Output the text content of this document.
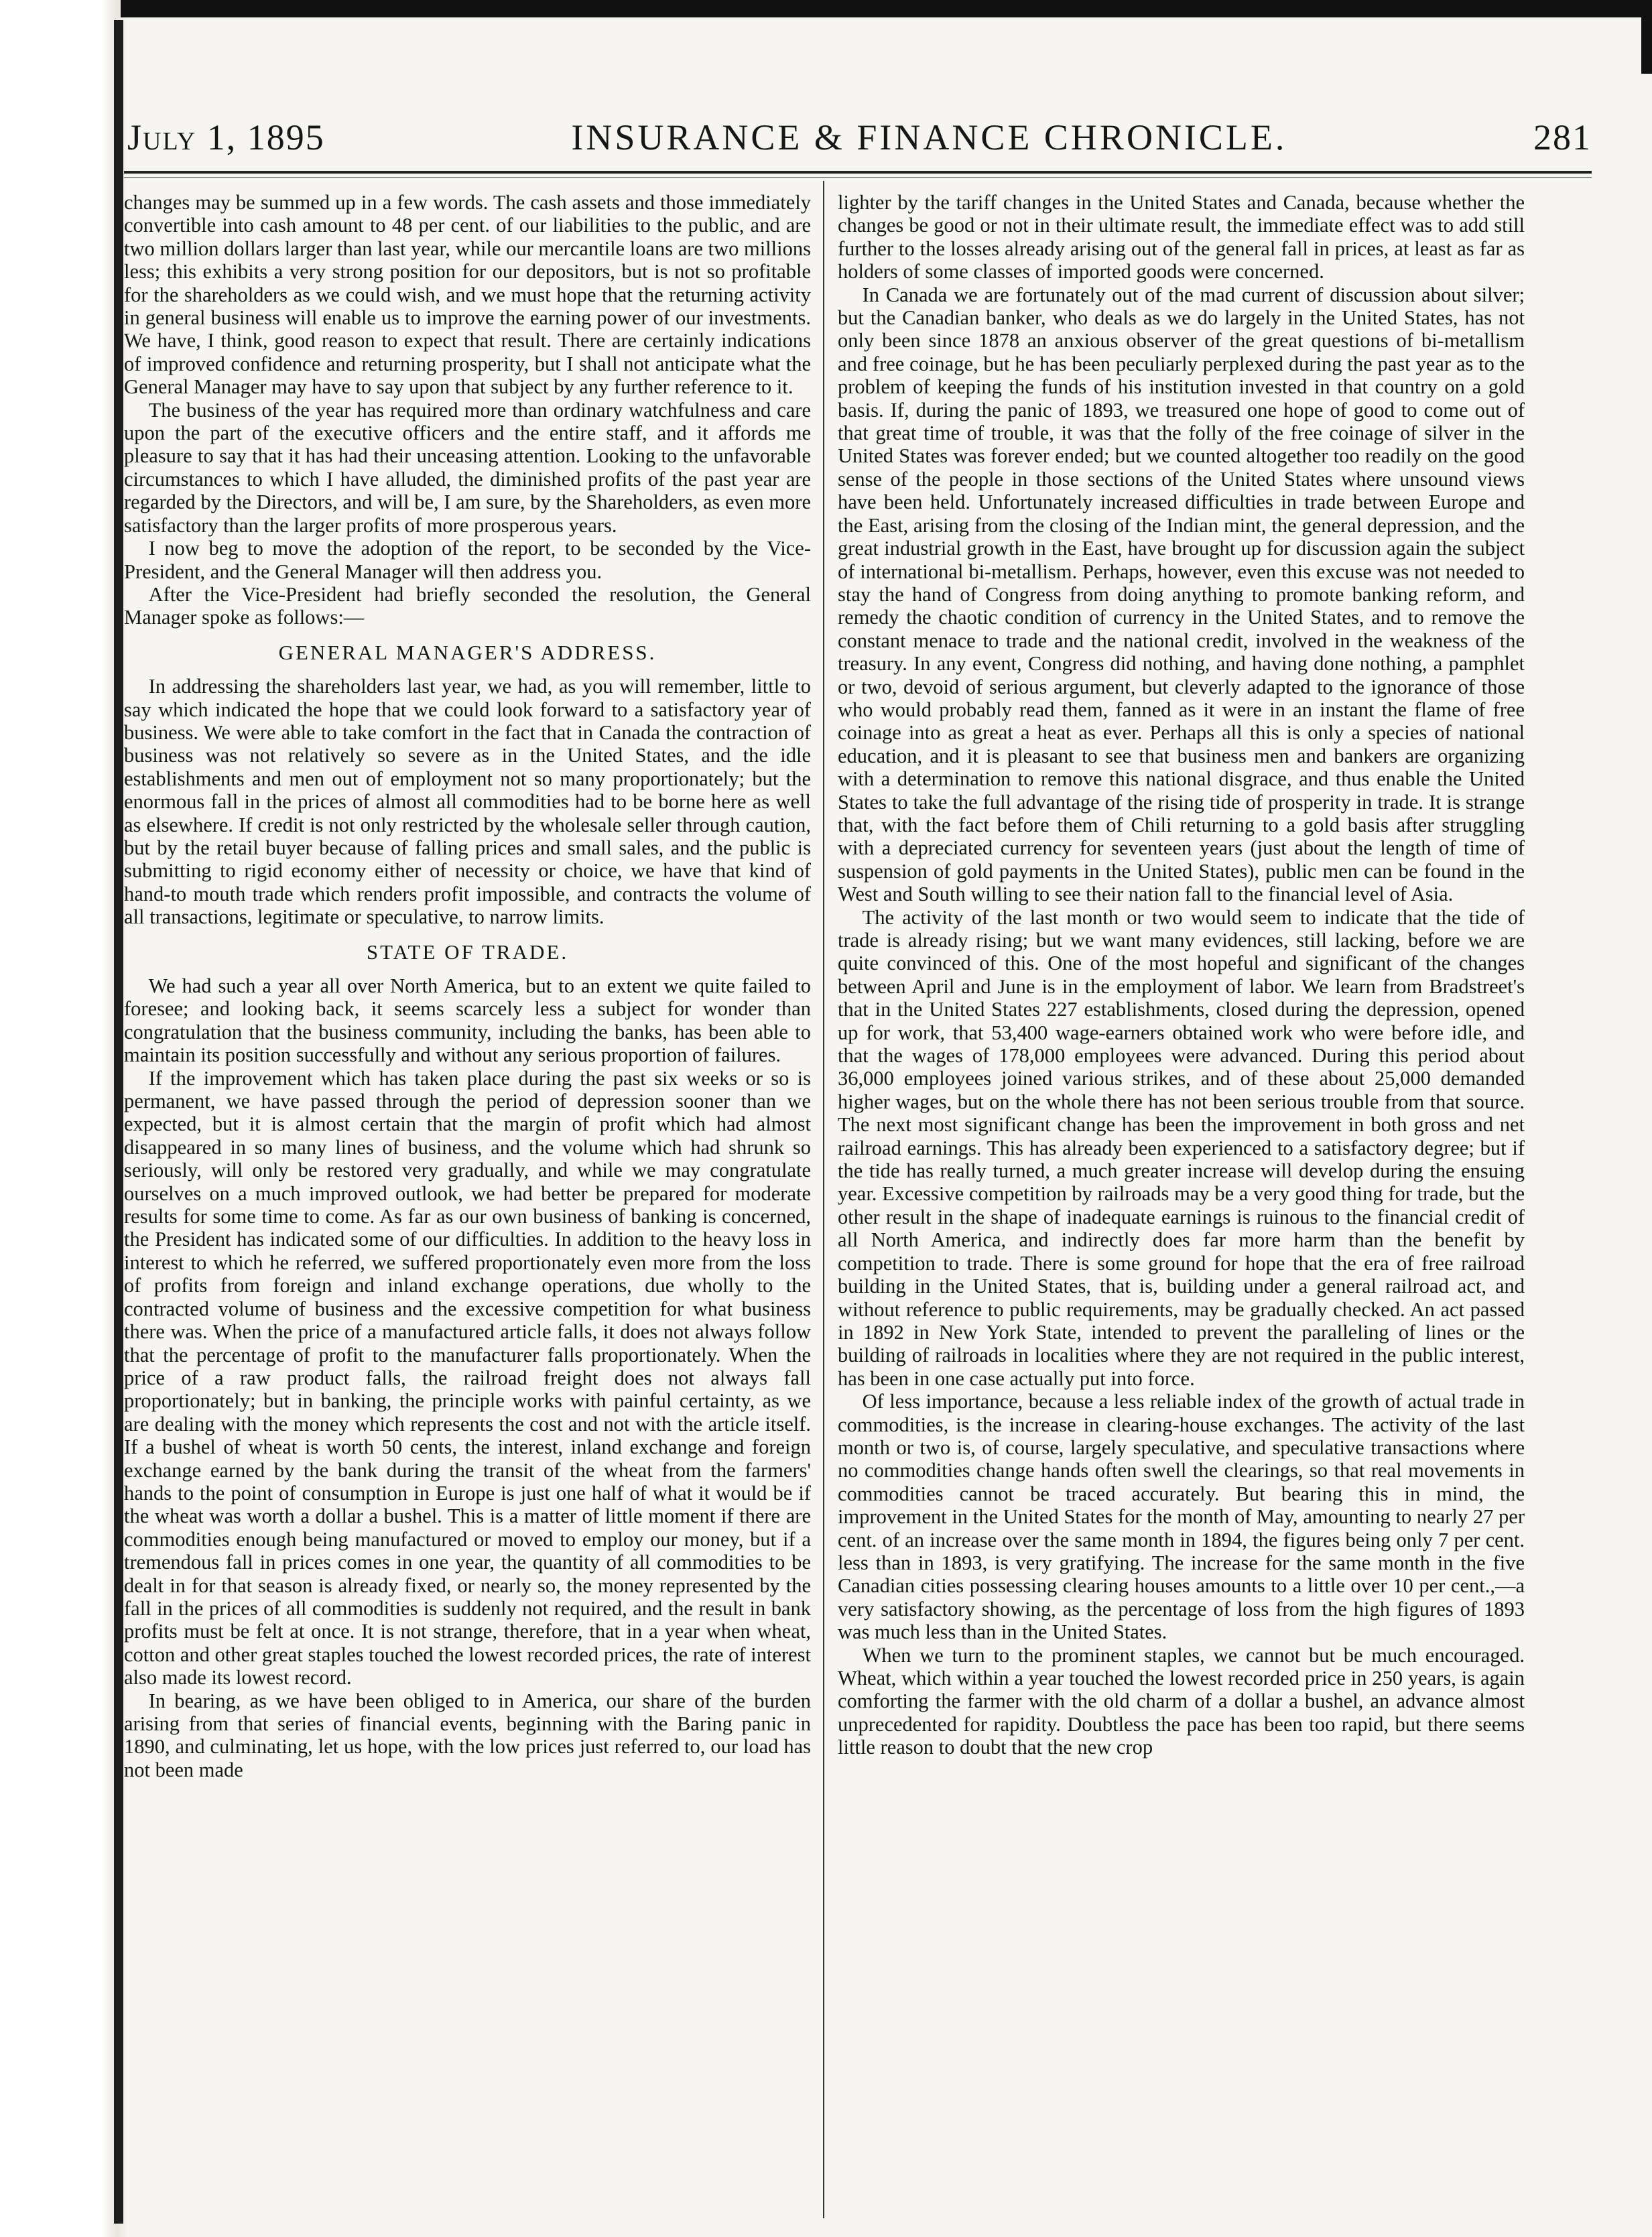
July 1, 1895	INSURANCE & FINANCE CHRONICLE.	281

changes may be summed up in a few words. The cash assets and those immediately convertible into cash amount to 48 per cent. of our liabilities to the public, and are two million dollars larger than last year, while our mercantile loans are two millions less; this exhibits a very strong position for our depositors, but is not so profitable for the shareholders as we could wish, and we must hope that the returning activity in general business will enable us to improve the earning power of our investments. We have, I think, good reason to expect that result. There are certainly indications of improved confidence and returning prosperity, but I shall not anticipate what the General Manager may have to say upon that subject by any further reference to it.

The business of the year has required more than ordinary watchfulness and care upon the part of the executive officers and the entire staff, and it affords me pleasure to say that it has had their unceasing attention. Looking to the unfavorable circumstances to which I have alluded, the diminished profits of the past year are regarded by the Directors, and will be, I am sure, by the Shareholders, as even more satisfactory than the larger profits of more prosperous years.

I now beg to move the adoption of the report, to be seconded by the Vice-President, and the General Manager will then address you.

After the Vice-President had briefly seconded the resolution, the General Manager spoke as follows:—

GENERAL MANAGER'S ADDRESS.

In addressing the shareholders last year, we had, as you will remember, little to say which indicated the hope that we could look forward to a satisfactory year of business. We were able to take comfort in the fact that in Canada the contraction of business was not relatively so severe as in the United States, and the idle establishments and men out of employment not so many proportionately; but the enormous fall in the prices of almost all commodities had to be borne here as well as elsewhere. If credit is not only restricted by the wholesale seller through caution, but by the retail buyer because of falling prices and small sales, and the public is submitting to rigid economy either of necessity or choice, we have that kind of hand-to mouth trade which renders profit impossible, and contracts the volume of all transactions, legitimate or speculative, to narrow limits.

STATE OF TRADE.

We had such a year all over North America, but to an extent we quite failed to foresee; and looking back, it seems scarcely less a subject for wonder than congratulation that the business community, including the banks, has been able to maintain its position successfully and without any serious proportion of failures.

If the improvement which has taken place during the past six weeks or so is permanent, we have passed through the period of depression sooner than we expected, but it is almost certain that the margin of profit which had almost disappeared in so many lines of business, and the volume which had shrunk so seriously, will only be restored very gradually, and while we may congratulate ourselves on a much improved outlook, we had better be prepared for moderate results for some time to come. As far as our own business of banking is concerned, the President has indicated some of our difficulties. In addition to the heavy loss in interest to which he referred, we suffered proportionately even more from the loss of profits from foreign and inland exchange operations, due wholly to the contracted volume of business and the excessive competition for what business there was. When the price of a manufactured article falls, it does not always follow that the percentage of profit to the manufacturer falls proportionately. When the price of a raw product falls, the railroad freight does not always fall proportionately; but in banking, the principle works with painful certainty, as we are dealing with the money which represents the cost and not with the article itself. If a bushel of wheat is worth 50 cents, the interest, inland exchange and foreign exchange earned by the bank during the transit of the wheat from the farmers' hands to the point of consumption in Europe is just one half of what it would be if the wheat was worth a dollar a bushel. This is a matter of little moment if there are commodities enough being manufactured or moved to employ our money, but if a tremendous fall in prices comes in one year, the quantity of all commodities to be dealt in for that season is already fixed, or nearly so, the money represented by the fall in the prices of all commodities is suddenly not required, and the result in bank profits must be felt at once. It is not strange, therefore, that in a year when wheat, cotton and other great staples touched the lowest recorded prices, the rate of interest also made its lowest record.

In bearing, as we have been obliged to in America, our share of the burden arising from that series of financial events, beginning with the Baring panic in 1890, and culminating, let us hope, with the low prices just referred to, our load has not been made

lighter by the tariff changes in the United States and Canada, because whether the changes be good or not in their ultimate result, the immediate effect was to add still further to the losses already arising out of the general fall in prices, at least as far as holders of some classes of imported goods were concerned.

In Canada we are fortunately out of the mad current of discussion about silver; but the Canadian banker, who deals as we do largely in the United States, has not only been since 1878 an anxious observer of the great questions of bi-metallism and free coinage, but he has been peculiarly perplexed during the past year as to the problem of keeping the funds of his institution invested in that country on a gold basis. If, during the panic of 1893, we treasured one hope of good to come out of that great time of trouble, it was that the folly of the free coinage of silver in the United States was forever ended; but we counted altogether too readily on the good sense of the people in those sections of the United States where unsound views have been held. Unfortunately increased difficulties in trade between Europe and the East, arising from the closing of the Indian mint, the general depression, and the great industrial growth in the East, have brought up for discussion again the subject of international bi-metallism. Perhaps, however, even this excuse was not needed to stay the hand of Congress from doing anything to promote banking reform, and remedy the chaotic condition of currency in the United States, and to remove the constant menace to trade and the national credit, involved in the weakness of the treasury. In any event, Congress did nothing, and having done nothing, a pamphlet or two, devoid of serious argument, but cleverly adapted to the ignorance of those who would probably read them, fanned as it were in an instant the flame of free coinage into as great a heat as ever. Perhaps all this is only a species of national education, and it is pleasant to see that business men and bankers are organizing with a determination to remove this national disgrace, and thus enable the United States to take the full advantage of the rising tide of prosperity in trade. It is strange that, with the fact before them of Chili returning to a gold basis after struggling with a depreciated currency for seventeen years (just about the length of time of suspension of gold payments in the United States), public men can be found in the West and South willing to see their nation fall to the financial level of Asia.

The activity of the last month or two would seem to indicate that the tide of trade is already rising; but we want many evidences, still lacking, before we are quite convinced of this. One of the most hopeful and significant of the changes between April and June is in the employment of labor. We learn from Bradstreet's that in the United States 227 establishments, closed during the depression, opened up for work, that 53,400 wage-earners obtained work who were before idle, and that the wages of 178,000 employees were advanced. During this period about 36,000 employees joined various strikes, and of these about 25,000 demanded higher wages, but on the whole there has not been serious trouble from that source. The next most significant change has been the improvement in both gross and net railroad earnings. This has already been experienced to a satisfactory degree; but if the tide has really turned, a much greater increase will develop during the ensuing year. Excessive competition by railroads may be a very good thing for trade, but the other result in the shape of inadequate earnings is ruinous to the financial credit of all North America, and indirectly does far more harm than the benefit by competition to trade. There is some ground for hope that the era of free railroad building in the United States, that is, building under a general railroad act, and without reference to public requirements, may be gradually checked. An act passed in 1892 in New York State, intended to prevent the paralleling of lines or the building of railroads in localities where they are not required in the public interest, has been in one case actually put into force.

Of less importance, because a less reliable index of the growth of actual trade in commodities, is the increase in clearing-house exchanges. The activity of the last month or two is, of course, largely speculative, and speculative transactions where no commodities change hands often swell the clearings, so that real movements in commodities cannot be traced accurately. But bearing this in mind, the improvement in the United States for the month of May, amounting to nearly 27 per cent. of an increase over the same month in 1894, the figures being only 7 per cent. less than in 1893, is very gratifying. The increase for the same month in the five Canadian cities possessing clearing houses amounts to a little over 10 per cent.,—a very satisfactory showing, as the percentage of loss from the high figures of 1893 was much less than in the United States.

When we turn to the prominent staples, we cannot but be much encouraged. Wheat, which within a year touched the lowest recorded price in 250 years, is again comforting the farmer with the old charm of a dollar a bushel, an advance almost unprecedented for rapidity. Doubtless the pace has been too rapid, but there seems little reason to doubt that the new crop
